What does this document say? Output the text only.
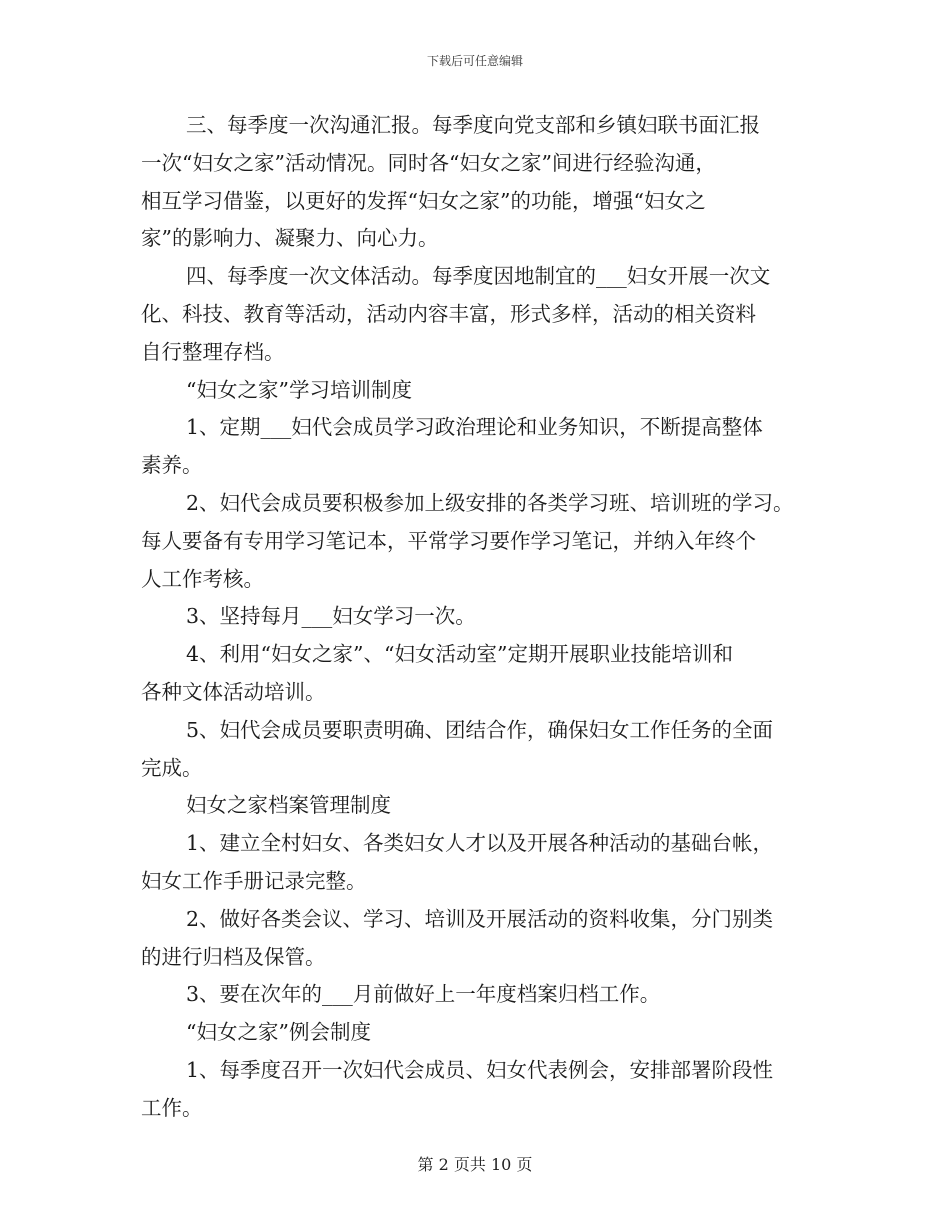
下载后可任意编辑
三、每季度一次沟通汇报。每季度向党支部和乡镇妇联书面汇报
一次“妇女之家”活动情况。同时各“妇女之家”间进行经验沟通，
相互学习借鉴，以更好的发挥“妇女之家”的功能，增强“妇女之
家”的影响力、凝聚力、向心力。
四、每季度一次文体活动。每季度因地制宜的___妇女开展一次文
化、科技、教育等活动，活动内容丰富，形式多样，活动的相关资料
自行整理存档。
“妇女之家”学习培训制度
1、定期___妇代会成员学习政治理论和业务知识，不断提高整体
素养。
2、妇代会成员要积极参加上级安排的各类学习班、培训班的学习。
每人要备有专用学习笔记本，平常学习要作学习笔记，并纳入年终个
人工作考核。
3、坚持每月___妇女学习一次。
4、利用“妇女之家”、“妇女活动室”定期开展职业技能培训和
各种文体活动培训。
5、妇代会成员要职责明确、团结合作，确保妇女工作任务的全面
完成。
妇女之家档案管理制度
1、建立全村妇女、各类妇女人才以及开展各种活动的基础台帐，
妇女工作手册记录完整。
2、做好各类会议、学习、培训及开展活动的资料收集，分门别类
的进行归档及保管。
3、要在次年的___月前做好上一年度档案归档工作。
“妇女之家”例会制度
1、每季度召开一次妇代会成员、妇女代表例会，安排部署阶段性
工作。
第 2 页共 10 页
